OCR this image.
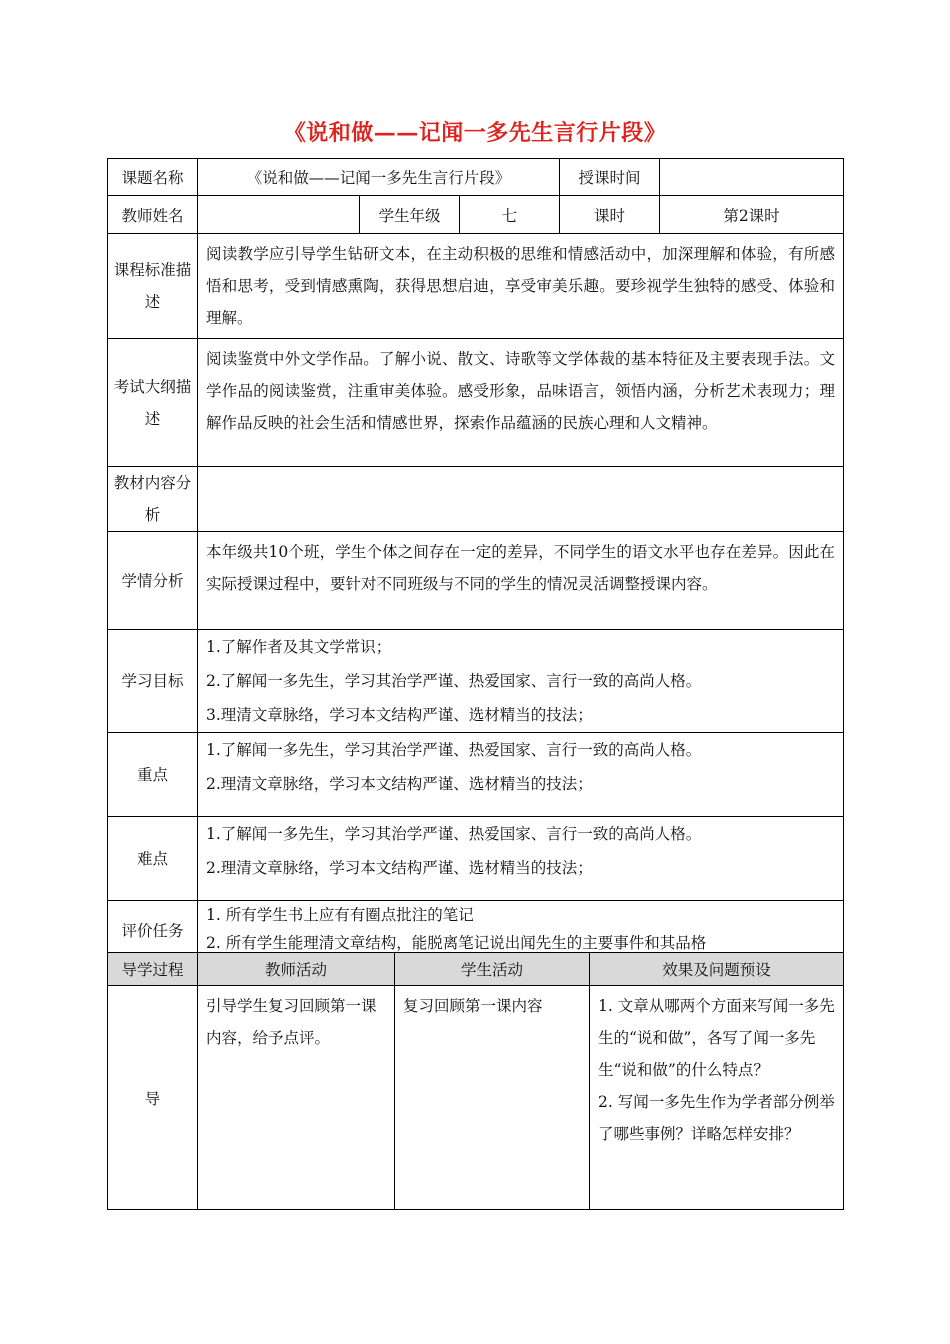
《说和做——记闻一多先生言行片段》
课题名称	《说和做——记闻一多先生言行片段》			授课时间	
教师姓名		学生年级	七	课时	第2课时
课程标准描述	阅读教学应引导学生钻研文本，在主动积极的思维和情感活动中，加深理解和体验，有所感悟和思考，受到情感熏陶，获得思想启迪，享受审美乐趣。要珍视学生独特的感受、体验和理解。				
考试大纲描述	阅读鉴赏中外文学作品。了解小说、散文、诗歌等文学体裁的基本特征及主要表现手法。文学作品的阅读鉴赏，注重审美体验。感受形象，品味语言，领悟内涵，分析艺术表现力；理解作品反映的社会生活和情感世界，探索作品蕴涵的民族心理和人文精神。				
教材内容分析					
学情分析	本年级共10个班，学生个体之间存在一定的差异，不同学生的语文水平也存在差异。因此在实际授课过程中，要针对不同班级与不同的学生的情况灵活调整授课内容。				
学习目标	1.了解作者及其文学常识；
2.了解闻一多先生，学习其治学严谨、热爱国家、言行一致的高尚人格。
3.理清文章脉络，学习本文结构严谨、选材精当的技法；				

重点	1.了解闻一多先生，学习其治学严谨、热爱国家、言行一致的高尚人格。
2.理清文章脉络，学习本文结构严谨、选材精当的技法；				

难点	1.了解闻一多先生，学习其治学严谨、热爱国家、言行一致的高尚人格。
2.理清文章脉络，学习本文结构严谨、选材精当的技法；				

评价任务	1. 所有学生书上应有有圈点批注的笔记
2. 所有学生能理清文章结构，能脱离笔记说出闻先生的主要事件和其品格				
导学过程	教师活动	学生活动	效果及问题预设
导	引导学生复习回顾第一课内容，给予点评。	复习回顾第一课内容	1. 文章从哪两个方面来写闻一多先生的“说和做”，各写了闻一多先生“说和做”的什么特点？
2. 写闻一多先生作为学者部分例举了哪些事例？详略怎样安排？
